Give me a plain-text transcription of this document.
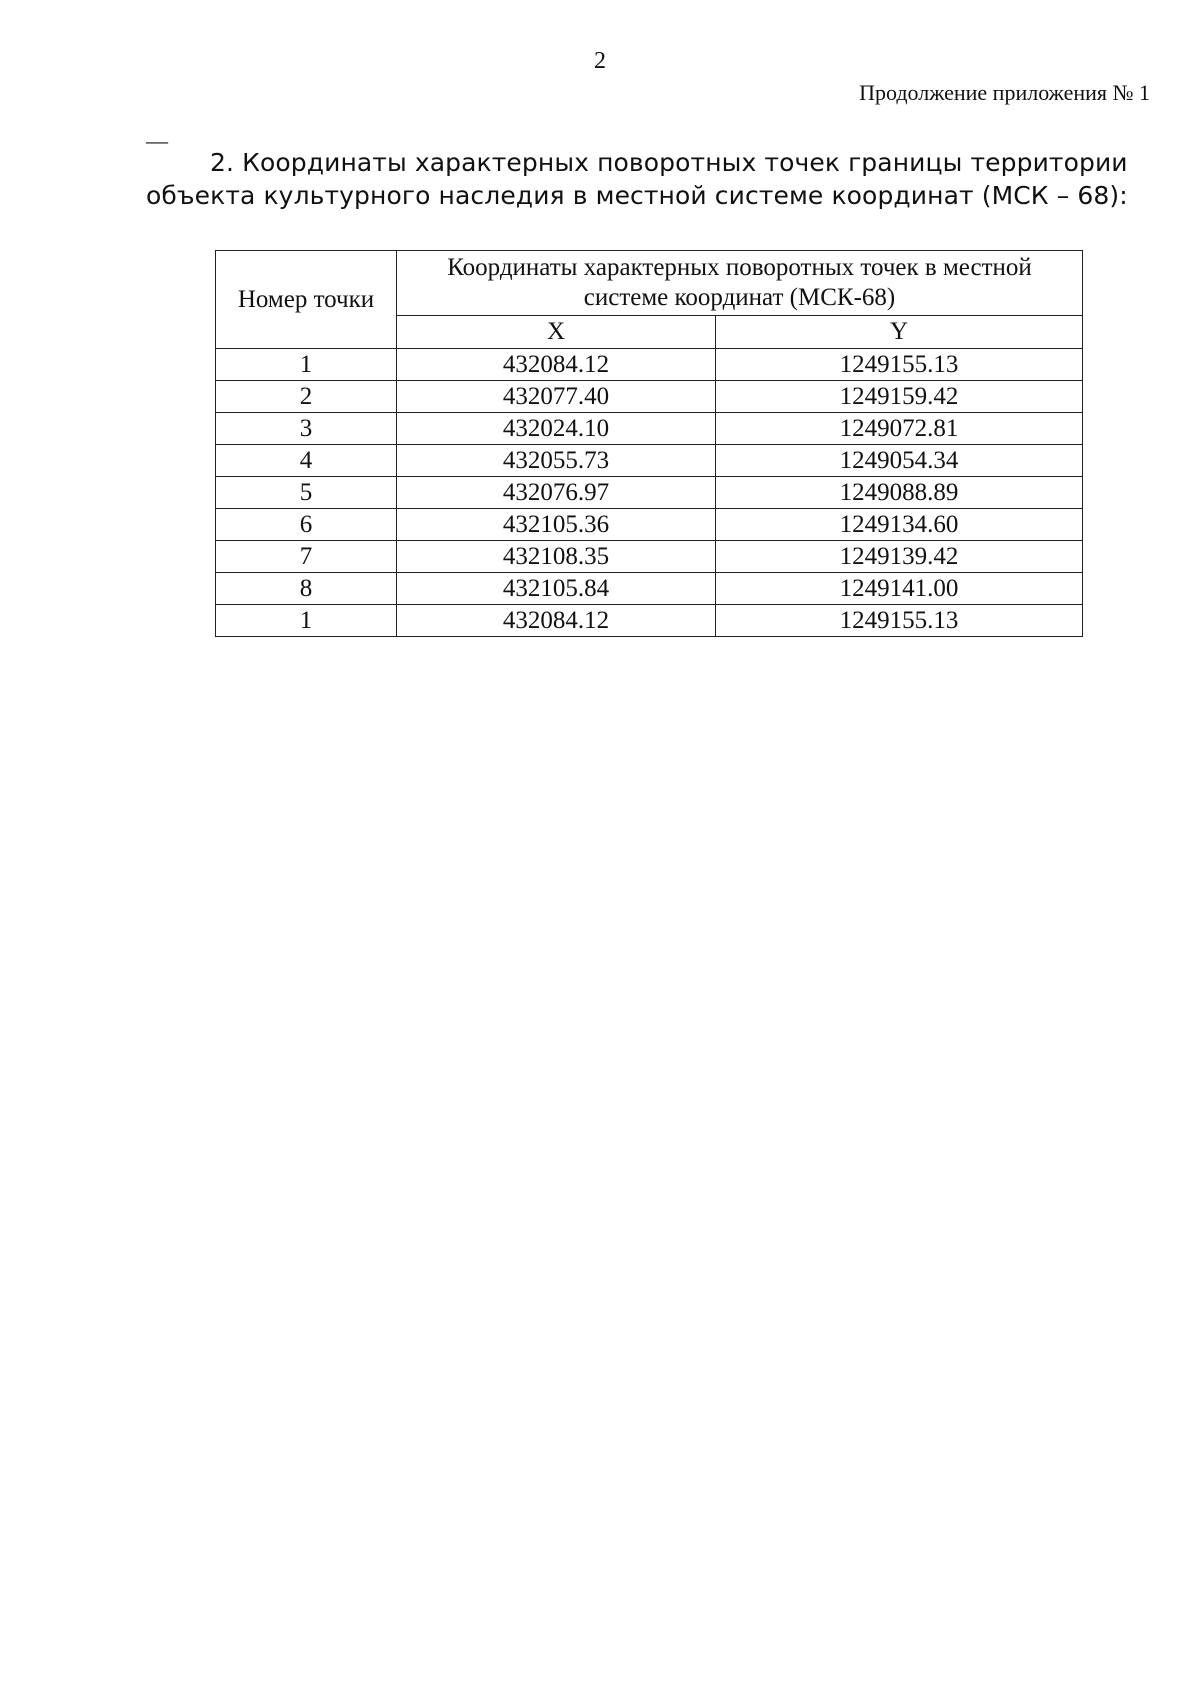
2
Продолжение приложения № 1
—

2. Координаты характерных поворотных точек границы территории объекта культурного наследия в местной системе координат (МСК – 68):

Номер точки	Координаты характерных поворотных точек в местной системе координат (МСК-68)	
	X	Y
1	432084.12	1249155.13
2	432077.40	1249159.42
3	432024.10	1249072.81
4	432055.73	1249054.34
5	432076.97	1249088.89
6	432105.36	1249134.60
7	432108.35	1249139.42
8	432105.84	1249141.00
1	432084.12	1249155.13
